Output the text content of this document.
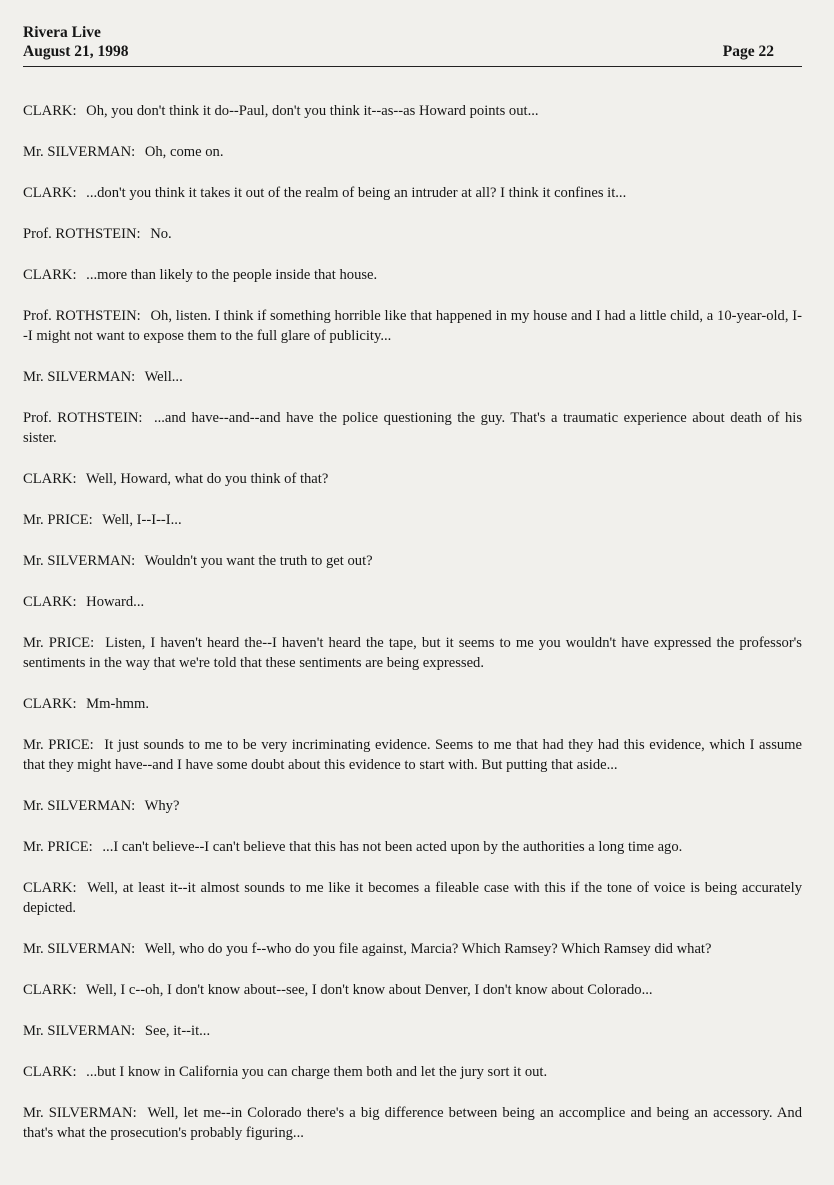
Rivera Live
August 21, 1998	Page 22

CLARK: Oh, you don't think it do--Paul, don't you think it--as--as Howard points out...

Mr. SILVERMAN: Oh, come on.

CLARK: ...don't you think it takes it out of the realm of being an intruder at all? I think it confines it...

Prof. ROTHSTEIN: No.

CLARK: ...more than likely to the people inside that house.

Prof. ROTHSTEIN: Oh, listen. I think if something horrible like that happened in my house and I had a little child, a 10-year-old, I--I might not want to expose them to the full glare of publicity...

Mr. SILVERMAN: Well...

Prof. ROTHSTEIN: ...and have--and--and have the police questioning the guy. That's a traumatic experience about death of his sister.

CLARK: Well, Howard, what do you think of that?

Mr. PRICE: Well, I--I--I...

Mr. SILVERMAN: Wouldn't you want the truth to get out?

CLARK: Howard...

Mr. PRICE: Listen, I haven't heard the--I haven't heard the tape, but it seems to me you wouldn't have expressed the professor's sentiments in the way that we're told that these sentiments are being expressed.

CLARK: Mm-hmm.

Mr. PRICE: It just sounds to me to be very incriminating evidence. Seems to me that had they had this evidence, which I assume that they might have--and I have some doubt about this evidence to start with. But putting that aside...

Mr. SILVERMAN: Why?

Mr. PRICE: ...I can't believe--I can't believe that this has not been acted upon by the authorities a long time ago.

CLARK: Well, at least it--it almost sounds to me like it becomes a fileable case with this if the tone of voice is being accurately depicted.

Mr. SILVERMAN: Well, who do you f--who do you file against, Marcia? Which Ramsey? Which Ramsey did what?

CLARK: Well, I c--oh, I don't know about--see, I don't know about Denver, I don't know about Colorado...

Mr. SILVERMAN: See, it--it...

CLARK: ...but I know in California you can charge them both and let the jury sort it out.

Mr. SILVERMAN: Well, let me--in Colorado there's a big difference between being an accomplice and being an accessory. And that's what the prosecution's probably figuring...
